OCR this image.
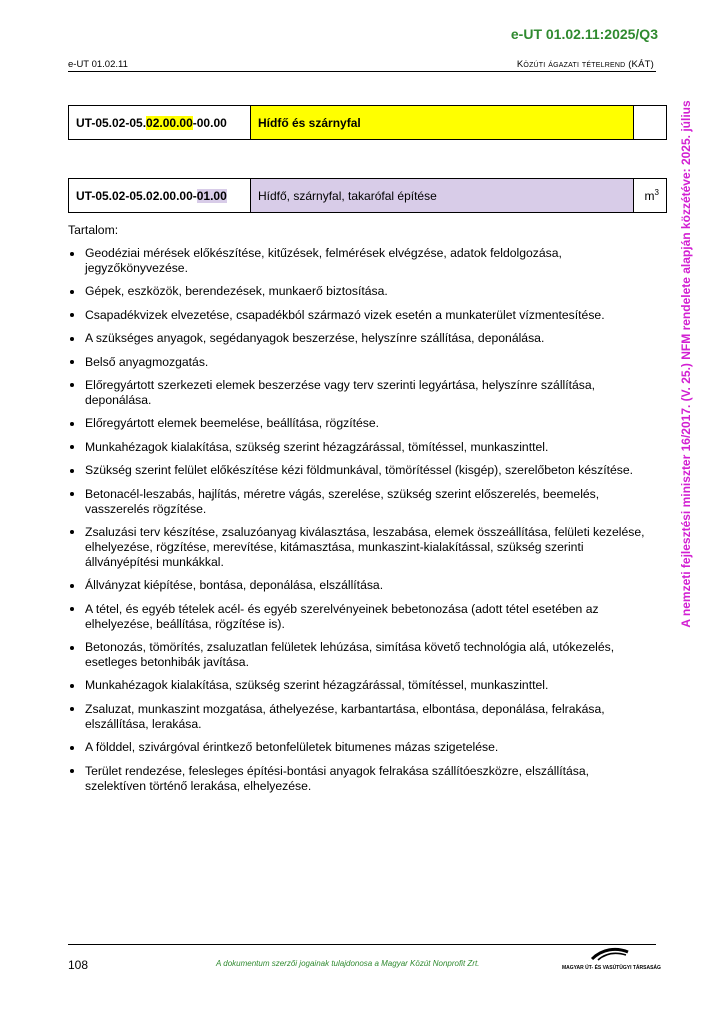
e-UT 01.02.11:2025/Q3
e-UT 01.02.11	Közúti ágazati tételrend (KÁT)
A nemzeti fejlesztési miniszter 16/2017. (V. 25.) NFM rendelete alapján közzétéve: 2025. július
UT-05.02-05.02.00.00-00.00	Hídfő és szárnyfal	
UT-05.02-05.02.00.00-01.00	Hídfő, szárnyfal, takarófal építése	$m^3$
Tartalom:
Geodéziai mérések előkészítése, kitűzések, felmérések elvégzése, adatok feldolgozása, jegyzőkönyvezése.
Gépek, eszközök, berendezések, munkaerő biztosítása.
Csapadékvizek elvezetése, csapadékból származó vizek esetén a munkaterület vízmentesítése.
A szükséges anyagok, segédanyagok beszerzése, helyszínre szállítása, deponálása.
Belső anyagmozgatás.
Előregyártott szerkezeti elemek beszerzése vagy terv szerinti legyártása, helyszínre szállítása, deponálása.
Előregyártott elemek beemelése, beállítása, rögzítése.
Munkahézagok kialakítása, szükség szerint hézagzárással, tömítéssel, munkaszinttel.
Szükség szerint felület előkészítése kézi földmunkával, tömörítéssel (kisgép), szerelőbeton készítése.
Betonacél-leszabás, hajlítás, méretre vágás, szerelése, szükség szerint előszerelés, beemelés, vasszerelés rögzítése.
Zsaluzási terv készítése, zsaluzóanyag kiválasztása, leszabása, elemek összeállítása, felületi kezelése, elhelyezése, rögzítése, merevítése, kitámasztása, munkaszint-kialakítással, szükség szerinti állványépítési munkákkal.
Állványzat kiépítése, bontása, deponálása, elszállítása.
A tétel, és egyéb tételek acél- és egyéb szerelvényeinek bebetonozása (adott tétel esetében az elhelyezése, beállítása, rögzítése is).
Betonozás, tömörítés, zsaluzatlan felületek lehúzása, simítása követő technológia alá, utókezelés, esetleges betonhibák javítása.
Munkahézagok kialakítása, szükség szerint hézagzárással, tömítéssel, munkaszinttel.
Zsaluzat, munkaszint mozgatása, áthelyezése, karbantartása, elbontása, deponálása, felrakása, elszállítása, lerakása.
A földdel, szivárgóval érintkező betonfelületek bitumenes mázas szigetelése.
Terület rendezése, felesleges építési-bontási anyagok felrakása szállítóeszközre, elszállítása, szelektíven történő lerakása, elhelyezése.
108	A dokumentum szerzői jogainak tulajdonosa a Magyar Közút Nonprofit Zrt.	MAGYAR ÚT- ÉS VASÚTÜGYI TÁRSASÁG
